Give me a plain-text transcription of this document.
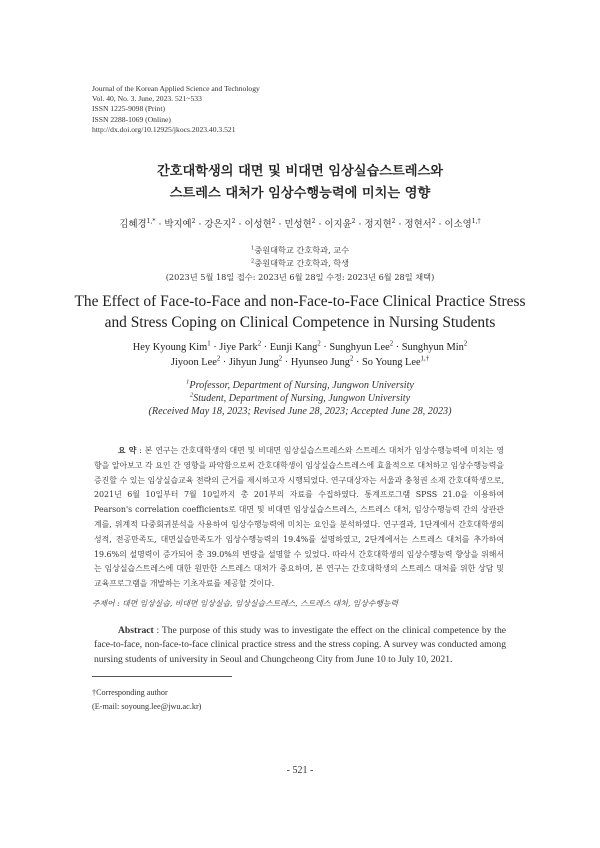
Journal of the Korean Applied Science and Technology
Vol. 40, No. 3. June, 2023. 521~533
ISSN 1225-9098 (Print)
ISSN 2288-1069 (Online)
http://dx.doi.org/10.12925/jkocs.2023.40.3.521
간호대학생의 대면 및 비대면 임상실습스트레스와
스트레스 대처가 임상수행능력에 미치는 영향
김혜경$^{1,*}$ · 박지예$^2$ · 강은지$^2$ · 이성현$^2$ · 민성현$^2$ · 이지윤$^2$ · 정지현$^2$ · 정현서$^2$ · 이소영$^{1,\dagger}$
$^1$중원대학교 간호학과, 교수
$^2$중원대학교 간호학과, 학생
(2023년 5월 18일 접수: 2023년 6월 28일 수정: 2023년 6월 28일 채택)
The Effect of Face-to-Face and non-Face-to-Face Clinical Practice Stress
and Stress Coping on Clinical Competence in Nursing Students
Hey Kyoung Kim$^1$ · Jiye Park$^2$ · Eunji Kang$^2$ · Sunghyun Lee$^2$ · Sunghyun Min$^2$
Jiyoon Lee$^2$ · Jihyun Jung$^2$ · Hyunseo Jung$^2$ · So Young Lee$^{1,\dagger}$
$^1$Professor, Department of Nursing, Jungwon University
$^2$Student, Department of Nursing, Jungwon University
(Received May 18, 2023; Revised June 28, 2023; Accepted June 28, 2023)
요 약 : 본 연구는 간호대학생의 대면 및 비대면 임상실습스트레스와 스트레스 대처가 임상수행능력에 미치는 영향을 알아보고 각 요인 간 영향을 파악함으로써 간호대학생이 임상실습스트레스에 효율적으로 대처하고 임상수행능력을 증진할 수 있는 임상실습교육 전략의 근거를 제시하고자 시행되었다. 연구대상자는 서울과 충청권 소재 간호대학생으로, 2021년 6월 10일부터 7월 10일까지 총 201부의 자료를 수집하였다. 통계프로그램 SPSS 21.0을 이용하여 Pearson's correlation coefficients로 대면 및 비대면 임상실습스트레스, 스트레스 대처, 임상수행능력 간의 상관관계를, 위계적 다중회귀분석을 사용하여 임상수행능력에 미치는 요인을 분석하였다. 연구결과, 1단계에서 간호대학생의 성적, 전공만족도, 대면실습만족도가 임상수행능력의 19.4%를 설명하였고, 2단계에서는 스트레스 대처를 추가하여 19.6%의 설명력이 증가되어 총 39.0%의 변량을 설명할 수 있었다. 따라서 간호대학생의 임상수행능력 향상을 위해서는 임상실습스트레스에 대한 원만한 스트레스 대처가 중요하며, 본 연구는 간호대학생의 스트레스 대처를 위한 상담 및 교육프로그램을 개발하는 기초자료를 제공할 것이다.
주제어 : 대면 임상실습, 비대면 임상실습, 임상실습스트레스, 스트레스 대처, 임상수행능력
Abstract : The purpose of this study was to investigate the effect on the clinical competence by the face-to-face, non-face-to-face clinical practice stress and the stress coping. A survey was conducted among nursing students of university in Seoul and Chungcheong City from June 10 to July 10, 2021.
†Corresponding author
(E-mail: soyoung.lee@jwu.ac.kr)
- 521 -
